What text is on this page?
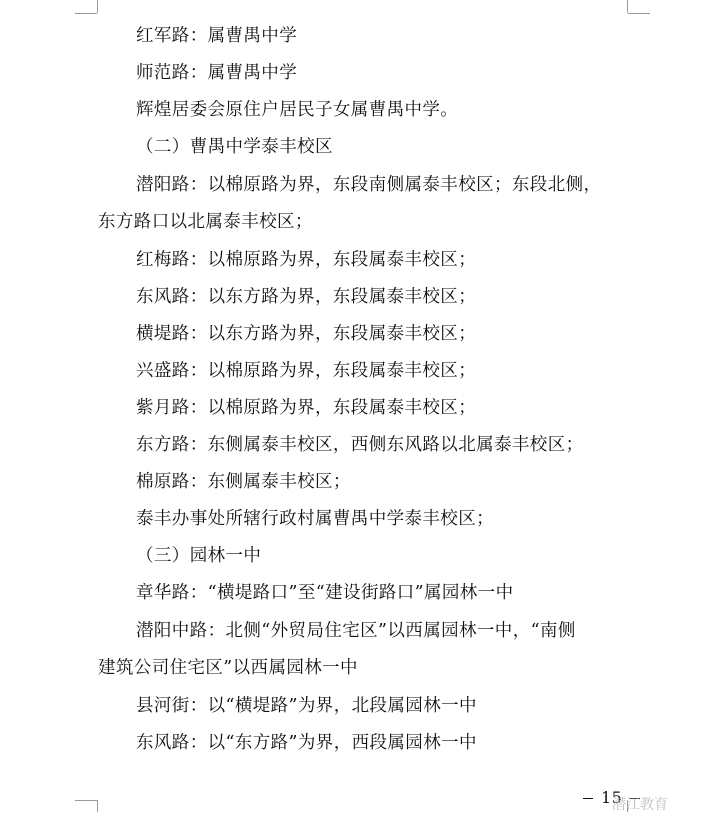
红军路：属曹禺中学
师范路：属曹禺中学
辉煌居委会原住户居民子女属曹禺中学。
（二）曹禺中学泰丰校区
潜阳路：以棉原路为界，东段南侧属泰丰校区；东段北侧，
东方路口以北属泰丰校区；
红梅路：以棉原路为界，东段属泰丰校区；
东风路：以东方路为界，东段属泰丰校区；
横堤路：以东方路为界，东段属泰丰校区；
兴盛路：以棉原路为界，东段属泰丰校区；
紫月路：以棉原路为界，东段属泰丰校区；
东方路：东侧属泰丰校区，西侧东风路以北属泰丰校区；
棉原路：东侧属泰丰校区；
泰丰办事处所辖行政村属曹禺中学泰丰校区；
（三）园林一中
章华路：“横堤路口”至“建设街路口”属园林一中
潜阳中路：北侧“外贸局住宅区”以西属园林一中，“南侧
建筑公司住宅区”以西属园林一中
县河街：以“横堤路”为界，北段属园林一中
东风路：以“东方路”为界，西段属园林一中
15
潜江教育
